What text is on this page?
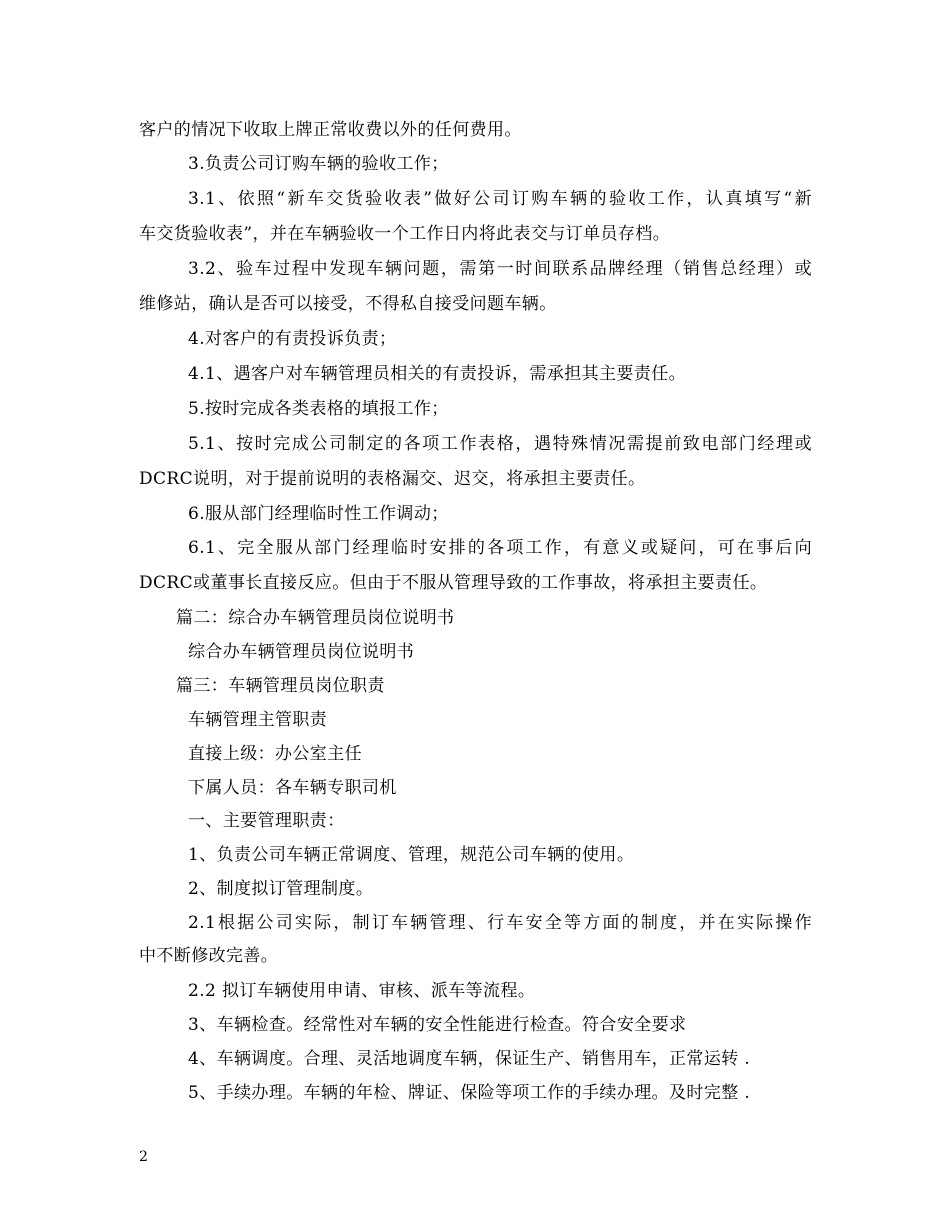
客户的情况下收取上牌正常收费以外的任何费用。
3.负责公司订购车辆的验收工作；
3.1、依照“新车交货验收表”做好公司订购车辆的验收工作，认真填写“新
车交货验收表”，并在车辆验收一个工作日内将此表交与订单员存档。
3.2、验车过程中发现车辆问题，需第一时间联系品牌经理（销售总经理）或
维修站，确认是否可以接受，不得私自接受问题车辆。
4.对客户的有责投诉负责；
4.1、遇客户对车辆管理员相关的有责投诉，需承担其主要责任。
5.按时完成各类表格的填报工作；
5.1、按时完成公司制定的各项工作表格，遇特殊情况需提前致电部门经理或
DCRC说明，对于提前说明的表格漏交、迟交，将承担主要责任。
6.服从部门经理临时性工作调动；
6.1、完全服从部门经理临时安排的各项工作，有意义或疑问，可在事后向
DCRC或董事长直接反应。但由于不服从管理导致的工作事故，将承担主要责任。
篇二：综合办车辆管理员岗位说明书
综合办车辆管理员岗位说明书
篇三：车辆管理员岗位职责
车辆管理主管职责
直接上级：办公室主任
下属人员：各车辆专职司机
一、主要管理职责：
1、负责公司车辆正常调度、管理，规范公司车辆的使用。
2、制度拟订管理制度。
2.1根据公司实际，制订车辆管理、行车安全等方面的制度，并在实际操作
中不断修改完善。
2.2 拟订车辆使用申请、审核、派车等流程。
3、车辆检查。经常性对车辆的安全性能进行检查。符合安全要求
4、车辆调度。合理、灵活地调度车辆，保证生产、销售用车，正常运转 .
5、手续办理。车辆的年检、牌证、保险等项工作的手续办理。及时完整 .
2
